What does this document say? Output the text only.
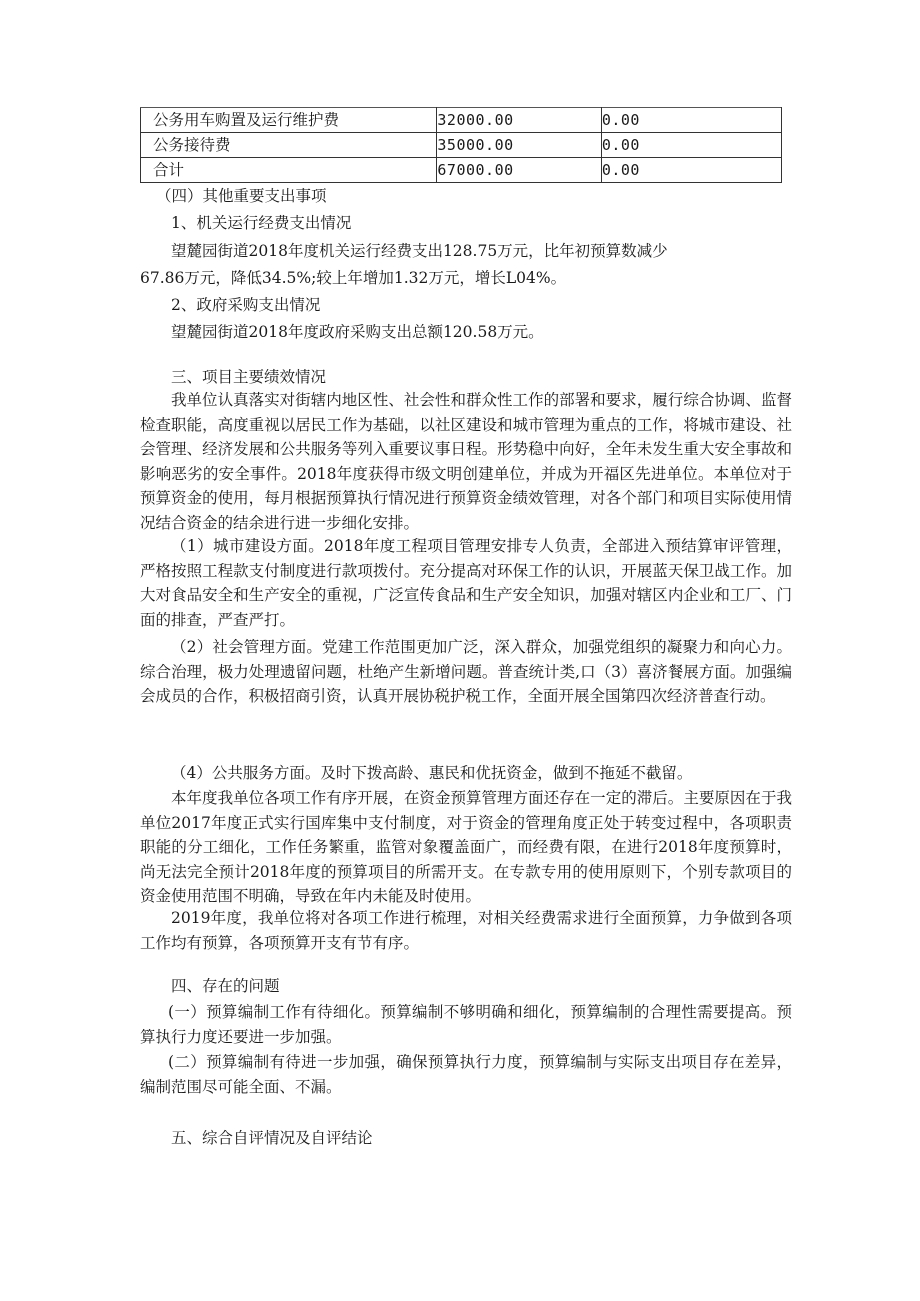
公务用车购置及运行维护费	32000.00	0.00
公务接待费	35000.00	0.00
合计	67000.00	0.00
（四）其他重要支出事项
1、机关运行经费支出情况
望麓园街道2018年度机关运行经费支出128.75万元，比年初预算数减少
67.86万元，降低34.5%;较上年增加1.32万元，增长L04%。
2、政府采购支出情况
望麓园街道2018年度政府采购支出总额120.58万元。
三、项目主要绩效情况
我单位认真落实对街辖内地区性、社会性和群众性工作的部署和要求，履行综合协调、监督检查职能，高度重视以居民工作为基础，以社区建设和城市管理为重点的工作，将城市建设、社会管理、经济发展和公共服务等列入重要议事日程。形势稳中向好，全年未发生重大安全事故和影响恶劣的安全事件。2018年度获得市级文明创建单位，并成为开福区先进单位。本单位对于预算资金的使用，每月根据预算执行情况进行预算资金绩效管理，对各个部门和项目实际使用情况结合资金的结余进行进一步细化安排。
（1）城市建设方面。2018年度工程项目管理安排专人负责，全部进入预结算审评管理，严格按照工程款支付制度进行款项拨付。充分提高对环保工作的认识，开展蓝天保卫战工作。加大对食品安全和生产安全的重视，广泛宣传食品和生产安全知识，加强对辖区内企业和工厂、门面的排查，严查严打。
（2）社会管理方面。党建工作范围更加广泛，深入群众，加强党组织的凝聚力和向心力。综合治理，极力处理遗留问题，杜绝产生新增问题。普查统计类,口（3）喜济餐展方面。加强编会成员的合作，积极招商引资，认真开展协税护税工作，全面开展全国第四次经济普查行动。
（4）公共服务方面。及时下拨高龄、惠民和优抚资金，做到不拖延不截留。
本年度我单位各项工作有序开展，在资金预算管理方面还存在一定的滞后。主要原因在于我单位2017年度正式实行国库集中支付制度，对于资金的管理角度正处于转变过程中，各项职责职能的分工细化，工作任务繁重，监管对象覆盖面广，而经费有限，在进行2018年度预算时，尚无法完全预计2018年度的预算项目的所需开支。在专款专用的使用原则下，个别专款项目的资金使用范围不明确，导致在年内未能及时使用。
2019年度，我单位将对各项工作进行梳理，对相关经费需求进行全面预算，力争做到各项工作均有预算，各项预算开支有节有序。
四、存在的问题
(一）预算编制工作有待细化。预算编制不够明确和细化，预算编制的合理性需要提高。预算执行力度还要进一步加强。
(二）预算编制有待进一步加强，确保预算执行力度，预算编制与实际支出项目存在差异，编制范围尽可能全面、不漏。
五、综合自评情况及自评结论
